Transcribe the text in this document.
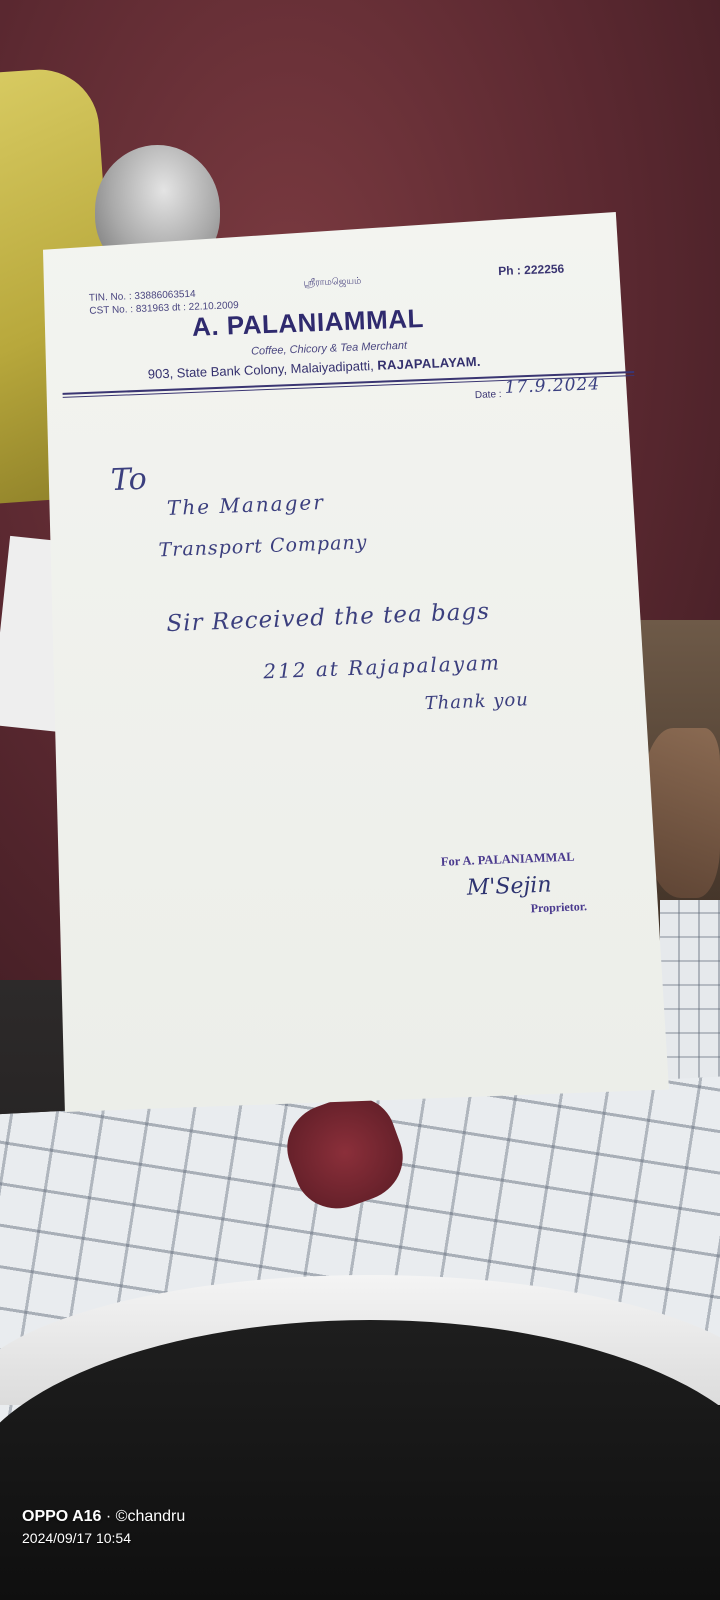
TIN. No. : 33886063514
CST No. : 831963 dt : 22.10.2009
ஸ்ரீராமஜெயம்
Ph : 222256
A. PALANIAMMAL
Coffee, Chicory & Tea Merchant
903, State Bank Colony, Malaiyadipatti, RAJAPALAYAM.
Date : 17.9.2024
To
The Manager
Transport Company
Sir Received the tea bags
212 at Rajapalayam
Thank you
For A. PALANIAMMAL
M'Sejin
Proprietor.
OPPO A16 · ©chandru
2024/09/17 10:54
